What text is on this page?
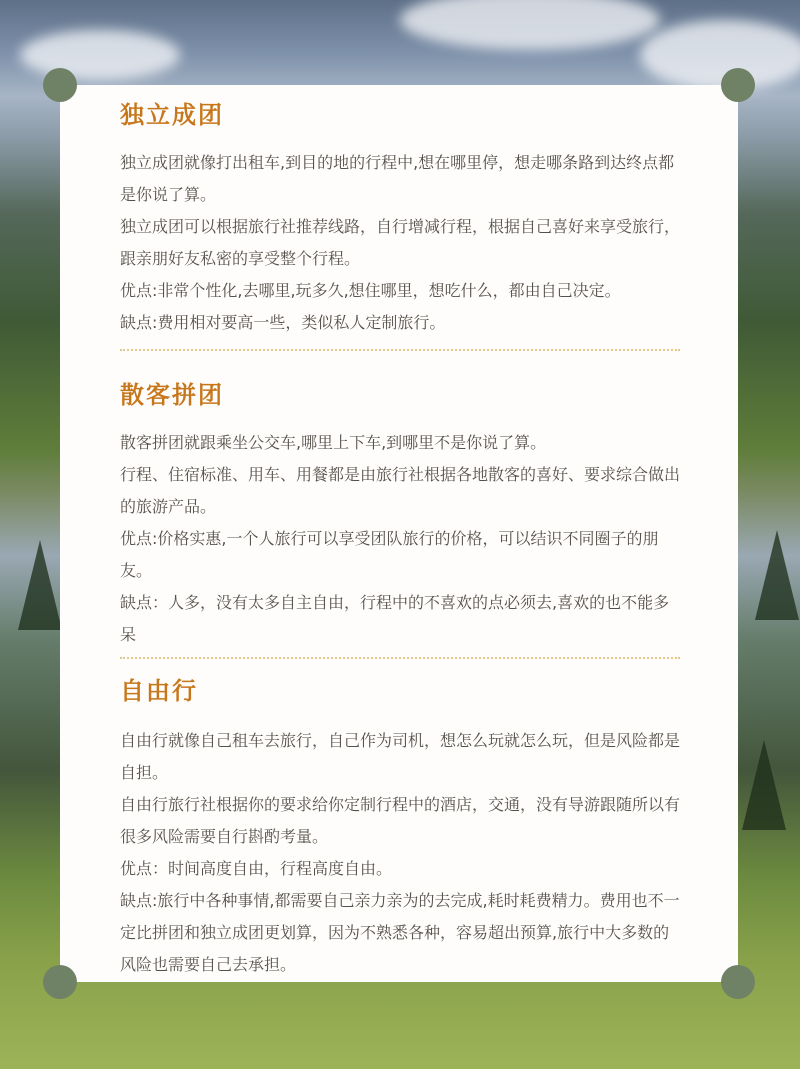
独立成团

独立成团就像打出租车,到目的地的行程中,想在哪里停，想走哪条路到达终点都是你说了算。

独立成团可以根据旅行社推荐线路，自行增减行程，根据自己喜好来享受旅行，跟亲朋好友私密的享受整个行程。

优点:非常个性化,去哪里,玩多久,想住哪里，想吃什么，都由自己决定。

缺点:费用相对要高一些，类似私人定制旅行。

散客拼团

散客拼团就跟乘坐公交车,哪里上下车,到哪里不是你说了算。

行程、住宿标准、用车、用餐都是由旅行社根据各地散客的喜好、要求综合做出的旅游产品。

优点:价格实惠,一个人旅行可以享受团队旅行的价格，可以结识不同圈子的朋友。

缺点：人多，没有太多自主自由，行程中的不喜欢的点必须去,喜欢的也不能多呆

自由行

自由行就像自己租车去旅行，自己作为司机，想怎么玩就怎么玩，但是风险都是自担。

自由行旅行社根据你的要求给你定制行程中的酒店，交通，没有导游跟随所以有很多风险需要自行斟酌考量。

优点：时间高度自由，行程高度自由。

缺点:旅行中各种事情,都需要自己亲力亲为的去完成,耗时耗费精力。费用也不一定比拼团和独立成团更划算，因为不熟悉各种，容易超出预算,旅行中大多数的风险也需要自己去承担。
